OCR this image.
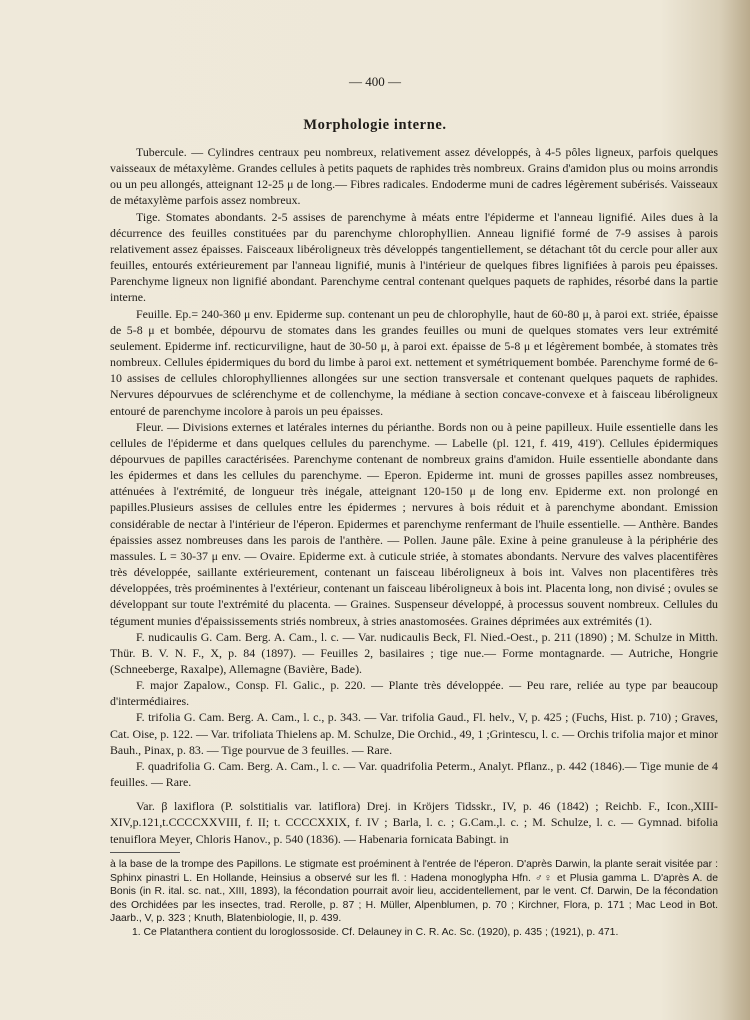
— 400 —
Morphologie interne.

Tubercule. — Cylindres centraux peu nombreux, relativement assez développés, à 4-5 pôles ligneux, parfois quelques vaisseaux de métaxylème. Grandes cellules à petits paquets de raphides très nombreux. Grains d'amidon plus ou moins arrondis ou un peu allongés, atteignant 12-25 μ de long.— Fibres radicales. Endoderme muni de cadres légèrement subérisés. Vaisseaux de métaxylème parfois assez nombreux.

Tige. Stomates abondants. 2-5 assises de parenchyme à méats entre l'épiderme et l'anneau lignifié. Ailes dues à la décurrence des feuilles constituées par du parenchyme chlorophyllien. Anneau lignifié formé de 7-9 assises à parois relativement assez épaisses. Faisceaux libéroligneux très développés tangentiellement, se détachant tôt du cercle pour aller aux feuilles, entourés extérieurement par l'anneau lignifié, munis à l'intérieur de quelques fibres lignifiées à parois peu épaisses. Parenchyme ligneux non lignifié abondant. Parenchyme central contenant quelques paquets de raphides, résorbé dans la partie interne.

Feuille. Ep.= 240-360 μ env. Epiderme sup. contenant un peu de chlorophylle, haut de 60-80 μ, à paroi ext. striée, épaisse de 5-8 μ et bombée, dépourvu de stomates dans les grandes feuilles ou muni de quelques stomates vers leur extrémité seulement. Epiderme inf. recticurviligne, haut de 30-50 μ, à paroi ext. épaisse de 5-8 μ et légèrement bombée, à stomates très nombreux. Cellules épidermiques du bord du limbe à paroi ext. nettement et symétriquement bombée. Parenchyme formé de 6-10 assises de cellules chlorophylliennes allongées sur une section transversale et contenant quelques paquets de raphides. Nervures dépourvues de sclérenchyme et de collenchyme, la médiane à section concave-convexe et à faisceau libéroligneux entouré de parenchyme incolore à parois un peu épaisses.

Fleur. — Divisions externes et latérales internes du périanthe. Bords non ou à peine papilleux. Huile essentielle dans les cellules de l'épiderme et dans quelques cellules du parenchyme. — Labelle (pl. 121, f. 419, 419'). Cellules épidermiques dépourvues de papilles caractérisées. Parenchyme contenant de nombreux grains d'amidon. Huile essentielle abondante dans les épidermes et dans les cellules du parenchyme. — Eperon. Epiderme int. muni de grosses papilles assez nombreuses, atténuées à l'extrémité, de longueur très inégale, atteignant 120-150 μ de long env. Epiderme ext. non prolongé en papilles.Plusieurs assises de cellules entre les épidermes ; nervures à bois réduit et à parenchyme abondant. Emission considérable de nectar à l'intérieur de l'éperon. Epidermes et parenchyme renfermant de l'huile essentielle. — Anthère. Bandes épaissies assez nombreuses dans les parois de l'anthère. — Pollen. Jaune pâle. Exine à peine granuleuse à la périphérie des massules. L = 30-37 μ env. — Ovaire. Epiderme ext. à cuticule striée, à stomates abondants. Nervure des valves placentifères très développée, saillante extérieurement, contenant un faisceau libéroligneux à bois int. Valves non placentifères très développées, très proéminentes à l'extérieur, contenant un faisceau libéroligneux à bois int. Placenta long, non divisé ; ovules se développant sur toute l'extrémité du placenta. — Graines. Suspenseur développé, à processus souvent nombreux. Cellules du tégument munies d'épaississements striés nombreux, à stries anastomosées. Graines déprimées aux extrémités (1).

F. nudicaulis G. Cam. Berg. A. Cam., l. c. — Var. nudicaulis Beck, Fl. Nied.-Oest., p. 211 (1890) ; M. Schulze in Mitth. Thür. B. V. N. F., X, p. 84 (1897). — Feuilles 2, basilaires ; tige nue.— Forme montagnarde. — Autriche, Hongrie (Schneeberge, Raxalpe), Allemagne (Bavière, Bade).

F. major Zapalow., Consp. Fl. Galic., p. 220. — Plante très développée. — Peu rare, reliée au type par beaucoup d'intermédiaires.

F. trifolia G. Cam. Berg. A. Cam., l. c., p. 343. — Var. trifolia Gaud., Fl. helv., V, p. 425 ; (Fuchs, Hist. p. 710) ; Graves, Cat. Oise, p. 122. — Var. trifoliata Thielens ap. M. Schulze, Die Orchid., 49, 1 ;Grintescu, l. c. — Orchis trifolia major et minor Bauh., Pinax, p. 83. — Tige pourvue de 3 feuilles. — Rare.

F. quadrifolia G. Cam. Berg. A. Cam., l. c. — Var. quadrifolia Peterm., Analyt. Pflanz., p. 442 (1846).— Tige munie de 4 feuilles. — Rare.

Var. β laxiflora (P. solstitialis var. latiflora) Drej. in Kröjers Tidsskr., IV, p. 46 (1842) ; Reichb. F., Icon.,XIII-XIV,p.121,t.CCCCXXVIII, f. II; t. CCCCXXIX, f. IV ; Barla, l. c. ; G.Cam.,l. c. ; M. Schulze, l. c. — Gymnad. bifolia tenuiflora Meyer, Chloris Hanov., p. 540 (1836). — Habenaria fornicata Babingt. in

à la base de la trompe des Papillons. Le stigmate est proéminent à l'entrée de l'éperon. D'après Darwin, la plante serait visitée par : Sphinx pinastri L. En Hollande, Heinsius a observé sur les fl. : Hadena monoglypha Hfn. ♂♀ et Plusia gamma L. D'après A. de Bonis (in R. ital. sc. nat., XIII, 1893), la fécondation pourrait avoir lieu, accidentellement, par le vent. Cf. Darwin, De la fécondation des Orchidées par les insectes, trad. Rerolle, p. 87 ; H. Müller, Alpenblumen, p. 70 ; Kirchner, Flora, p. 171 ; Mac Leod in Bot. Jaarb., V, p. 323 ; Knuth, Blatenbiologie, II, p. 439.

1. Ce Platanthera contient du loroglossoside. Cf. Delauney in C. R. Ac. Sc. (1920), p. 435 ; (1921), p. 471.
